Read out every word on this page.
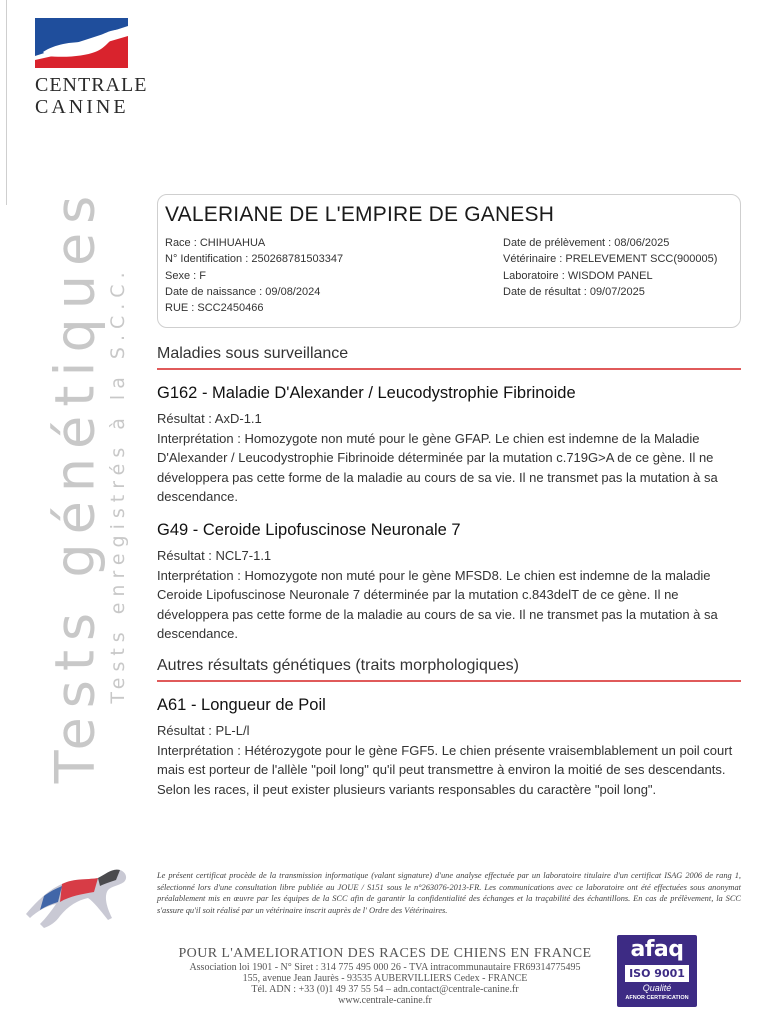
CENTRALE
CANINE
Tests génétiques Tests enregistrés à la S.C.C.
VALERIANE DE L'EMPIRE DE GANESH
Race : CHIHUAHUA
N° Identification : 250268781503347
Sexe : F
Date de naissance : 09/08/2024
RUE : SCC2450466
Date de prélèvement : 08/06/2025
Vétérinaire : PRELEVEMENT SCC(900005)
Laboratoire : WISDOM PANEL
Date de résultat : 09/07/2025
Maladies sous surveillance
G162 - Maladie D'Alexander / Leucodystrophie Fibrinoide
Résultat : AxD-1.1
Interprétation : Homozygote non muté pour le gène GFAP. Le chien est indemne de la Maladie D'Alexander / Leucodystrophie Fibrinoide déterminée par la mutation c.719G>A de ce gène. Il ne développera pas cette forme de la maladie au cours de sa vie. Il ne transmet pas la mutation à sa descendance.
G49 - Ceroide Lipofuscinose Neuronale 7
Résultat : NCL7-1.1
Interprétation : Homozygote non muté pour le gène MFSD8. Le chien est indemne de la maladie Ceroide Lipofuscinose Neuronale 7 déterminée par la mutation c.843delT de ce gène. Il ne développera pas cette forme de la maladie au cours de sa vie. Il ne transmet pas la mutation à sa descendance.
Autres résultats génétiques (traits morphologiques)
A61 - Longueur de Poil
Résultat : PL-L/l
Interprétation : Hétérozygote pour le gène FGF5. Le chien présente vraisemblablement un poil court mais est porteur de l'allèle "poil long" qu'il peut transmettre à environ la moitié de ses descendants. Selon les races, il peut exister plusieurs variants responsables du caractère "poil long".
Le présent certificat procède de la transmission informatique (valant signature) d'une analyse effectuée par un laboratoire titulaire d'un certificat ISAG 2006 de rang 1, sélectionné lors d'une consultation libre publiée au JOUE / S151 sous le n°263076-2013-FR. Les communications avec ce laboratoire ont été effectuées sous anonymat préalablement mis en œuvre par les équipes de la SCC afin de garantir la confidentialité des échanges et la traçabilité des échantillons. En cas de prélèvement, la SCC s'assure qu'il soit réalisé par un vétérinaire inscrit auprès de l' Ordre des Vétérinaires.
POUR L'AMELIORATION DES RACES DE CHIENS EN FRANCE
Association loi 1901 - N° Siret : 314 775 495 000 26 - TVA intracommunautaire FR69314775495
155, avenue Jean Jaurès - 93535 AUBERVILLIERS Cedex - FRANCE
Tél. ADN : +33 (0)1 49 37 55 54 – adn.contact@centrale-canine.fr
www.centrale-canine.fr
afaq
ISO 9001
Qualité
AFNOR CERTIFICATION
